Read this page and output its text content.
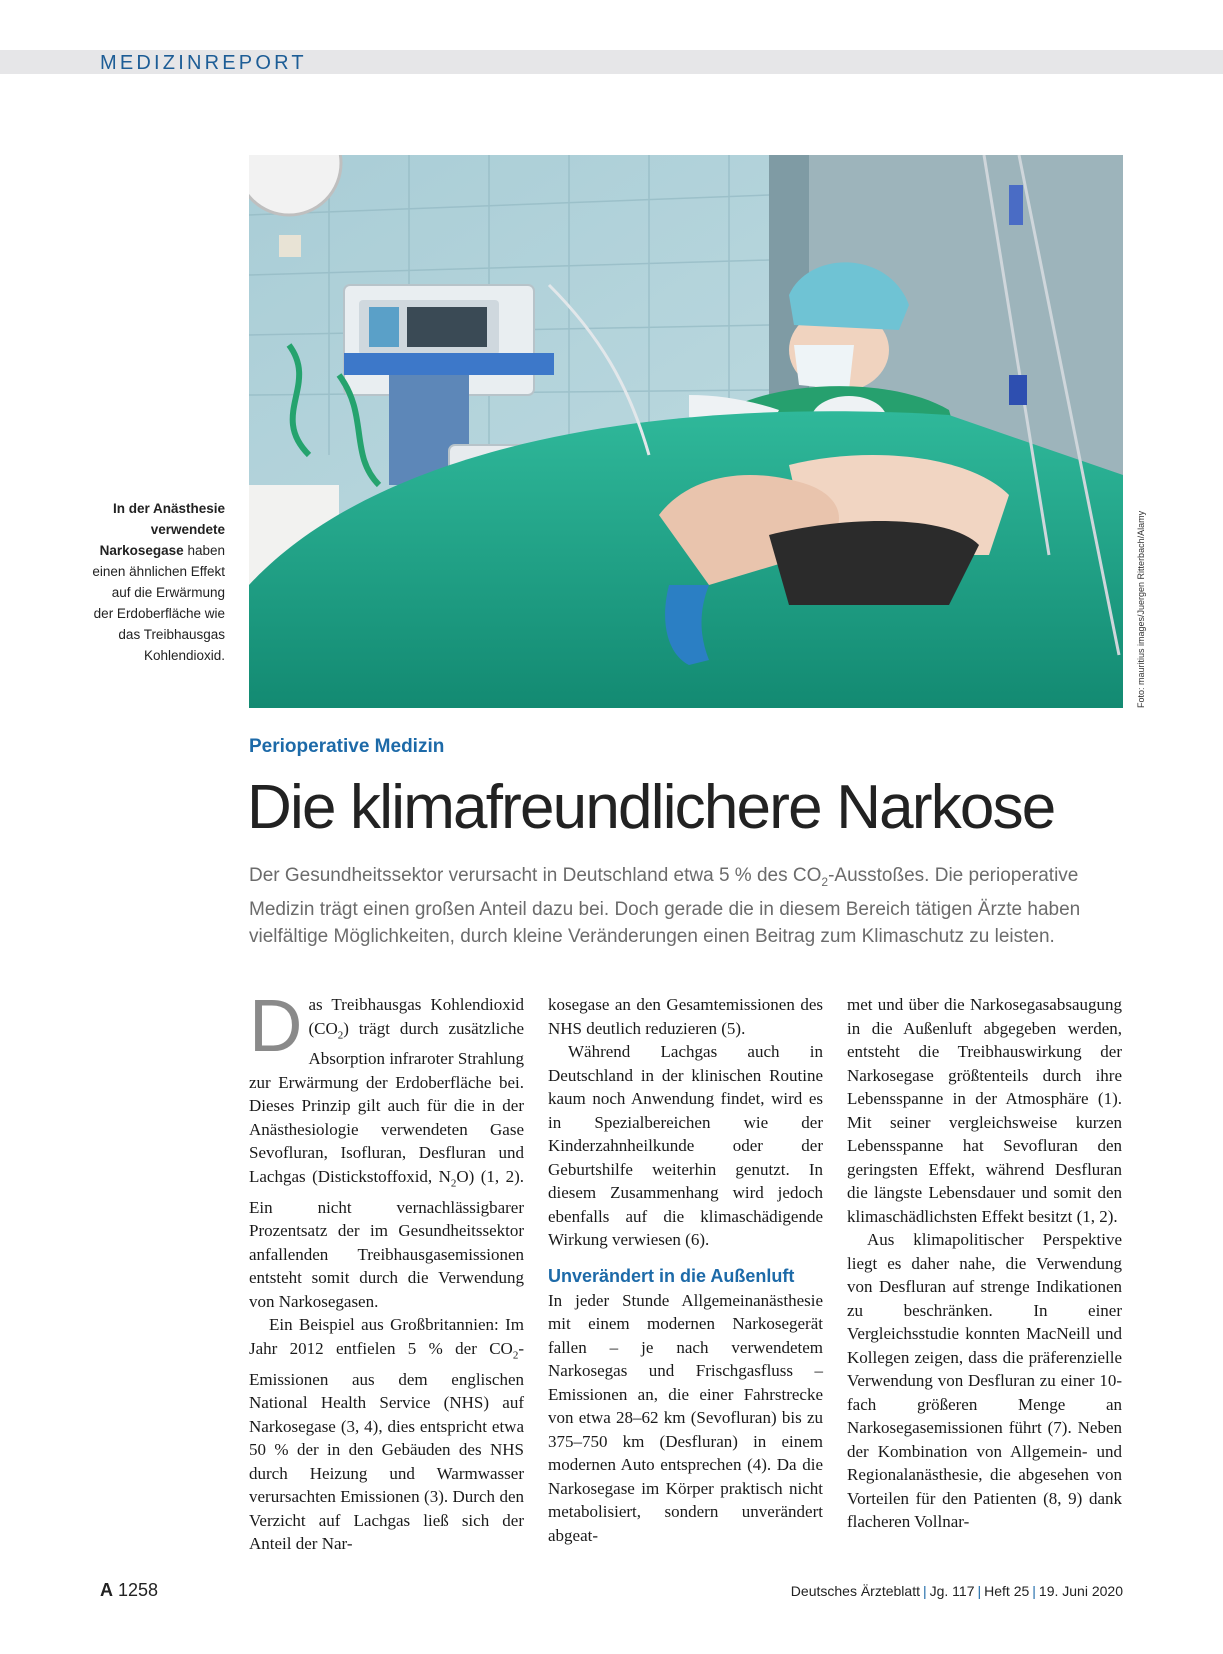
MEDIZINREPORT
Foto: mauritius images/Juergen Ritterbach/Alamy
In der Anästhesie verwendete Narkosegase haben einen ähnlichen Effekt auf die Erwärmung der Erdoberfläche wie das Treibhausgas Kohlendioxid.
Perioperative Medizin
Die klimafreundlichere Narkose
Der Gesundheitssektor verursacht in Deutschland etwa 5 % des $CO_2$-Ausstoßes. Die perioperative Medizin trägt einen großen Anteil dazu bei. Doch gerade die in diesem Bereich tätigen Ärzte haben vielfältige Möglichkeiten, durch kleine Veränderungen einen Beitrag zum Klimaschutz zu leisten.

Das Treibhausgas Kohlendioxid $(CO_2)$ trägt durch zusätzliche Absorption infraroter Strahlung zur Erwärmung der Erdoberfläche bei. Dieses Prinzip gilt auch für die in der Anästhesiologie verwendeten Gase Sevofluran, Isofluran, Desfluran und Lachgas (Distickstoffoxid, $N_2O$) (1, 2). Ein nicht vernachlässigbarer Prozentsatz der im Gesundheitssektor anfallenden Treibhausgasemissionen entsteht somit durch die Verwendung von Narkosegasen.

Ein Beispiel aus Großbritannien: Im Jahr 2012 entfielen 5 % der $CO_2$-Emissionen aus dem englischen National Health Service (NHS) auf Narkosegase (3, 4), dies entspricht etwa 50 % der in den Gebäuden des NHS durch Heizung und Warmwasser verursachten Emissionen (3). Durch den Verzicht auf Lachgas ließ sich der Anteil der Nar-

kosegase an den Gesamtemissionen des NHS deutlich reduzieren (5).

Während Lachgas auch in Deutschland in der klinischen Routine kaum noch Anwendung findet, wird es in Spezialbereichen wie der Kinderzahnheilkunde oder der Geburtshilfe weiterhin genutzt. In diesem Zusammenhang wird jedoch ebenfalls auf die klimaschädigende Wirkung verwiesen (6).

Unverändert in die Außenluft

In jeder Stunde Allgemeinanästhesie mit einem modernen Narkosegerät fallen – je nach verwendetem Narkosegas und Frischgasfluss – Emissionen an, die einer Fahrstrecke von etwa 28–62 km (Sevofluran) bis zu 375–750 km (Desfluran) in einem modernen Auto entsprechen (4). Da die Narkosegase im Körper praktisch nicht metabolisiert, sondern unverändert abgeat-

met und über die Narkosegasabsaugung in die Außenluft abgegeben werden, entsteht die Treibhauswirkung der Narkosegase größtenteils durch ihre Lebensspanne in der Atmosphäre (1). Mit seiner vergleichsweise kurzen Lebensspanne hat Sevofluran den geringsten Effekt, während Desfluran die längste Lebensdauer und somit den klimaschädlichsten Effekt besitzt (1, 2).

Aus klimapolitischer Perspektive liegt es daher nahe, die Verwendung von Desfluran auf strenge Indikationen zu beschränken. In einer Vergleichsstudie konnten MacNeill und Kollegen zeigen, dass die präferenzielle Verwendung von Desfluran zu einer 10-fach größeren Menge an Narkosegasemissionen führt (7). Neben der Kombination von Allgemein- und Regionalanästhesie, die abgesehen von Vorteilen für den Patienten (8, 9) dank flacheren Vollnar-

A 1258	Deutsches Ärzteblatt | Jg. 117 | Heft 25 | 19. Juni 2020
